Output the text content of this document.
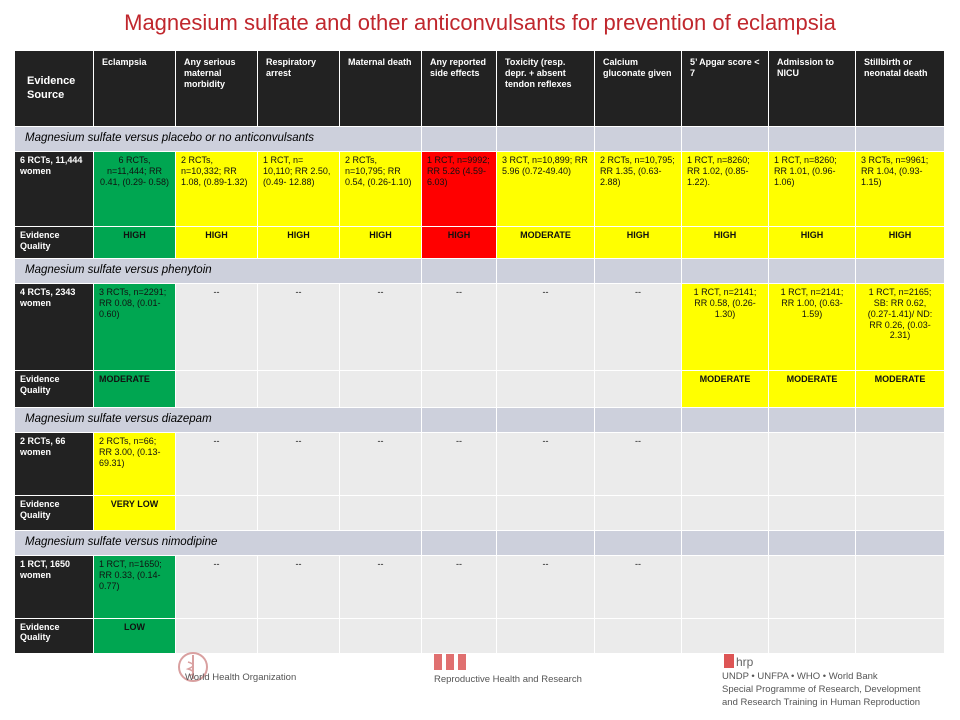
Magnesium sulfate and other anticonvulsants for prevention of eclampsia
Evidence Source	Eclampsia	Any serious maternal morbidity	Respiratory arrest	Maternal death	Any reported side effects	Toxicity (resp. depr. + absent tendon reflexes	Calcium gluconate given	5’ Apgar score < 7	Admission to NICU	Stillbirth or neonatal death
Magnesium sulfate versus placebo or no anticonvulsants										
6 RCTs, 11,444 women	6 RCTs, n=11,444; RR 0.41, (0.29- 0.58)	2 RCTs, n=10,332; RR 1.08, (0.89-1.32)	1 RCT, n= 10,110; RR 2.50, (0.49- 12.88)	2 RCTs, n=10,795; RR 0.54, (0.26-1.10)	1 RCT, n=9992; RR 5.26 (4.59-6.03)	3 RCT, n=10,899; RR 5.96 (0.72-49.40)	2 RCTs, n=10,795; RR 1.35, (0.63-2.88)	1 RCT, n=8260; RR 1.02, (0.85-1.22).	1 RCT, n=8260; RR 1.01, (0.96-1.06)	3 RCTs, n=9961; RR 1.04, (0.93-1.15)
Evidence Quality	HIGH	HIGH	HIGH	HIGH	HIGH	MODERATE	HIGH	HIGH	HIGH	HIGH
Magnesium sulfate versus phenytoin										
4 RCTs, 2343 women	3 RCTs, n=2291; RR 0.08, (0.01-0.60)	--	--	--	--	--	--	1 RCT, n=2141; RR 0.58, (0.26-1.30)	1 RCT, n=2141; RR 1.00, (0.63-1.59)	1 RCT, n=2165; SB: RR 0.62, (0.27-1.41)/ ND: RR 0.26, (0.03-2.31)
Evidence Quality	MODERATE							MODERATE	MODERATE	MODERATE
Magnesium sulfate versus diazepam										
2 RCTs, 66 women	2 RCTs, n=66; RR 3.00, (0.13- 69.31)	--	--	--	--	--	--			
Evidence Quality	VERY LOW									
Magnesium sulfate versus nimodipine										
1 RCT, 1650 women	1 RCT, n=1650; RR 0.33, (0.14-0.77)	--	--	--	--	--	--			
Evidence Quality	LOW									
World Health Organization	Reproductive Health and Research
hrp
UNDP • UNFPA • WHO • World Bank
Special Programme of Research, Development
and Research Training in Human Reproduction
